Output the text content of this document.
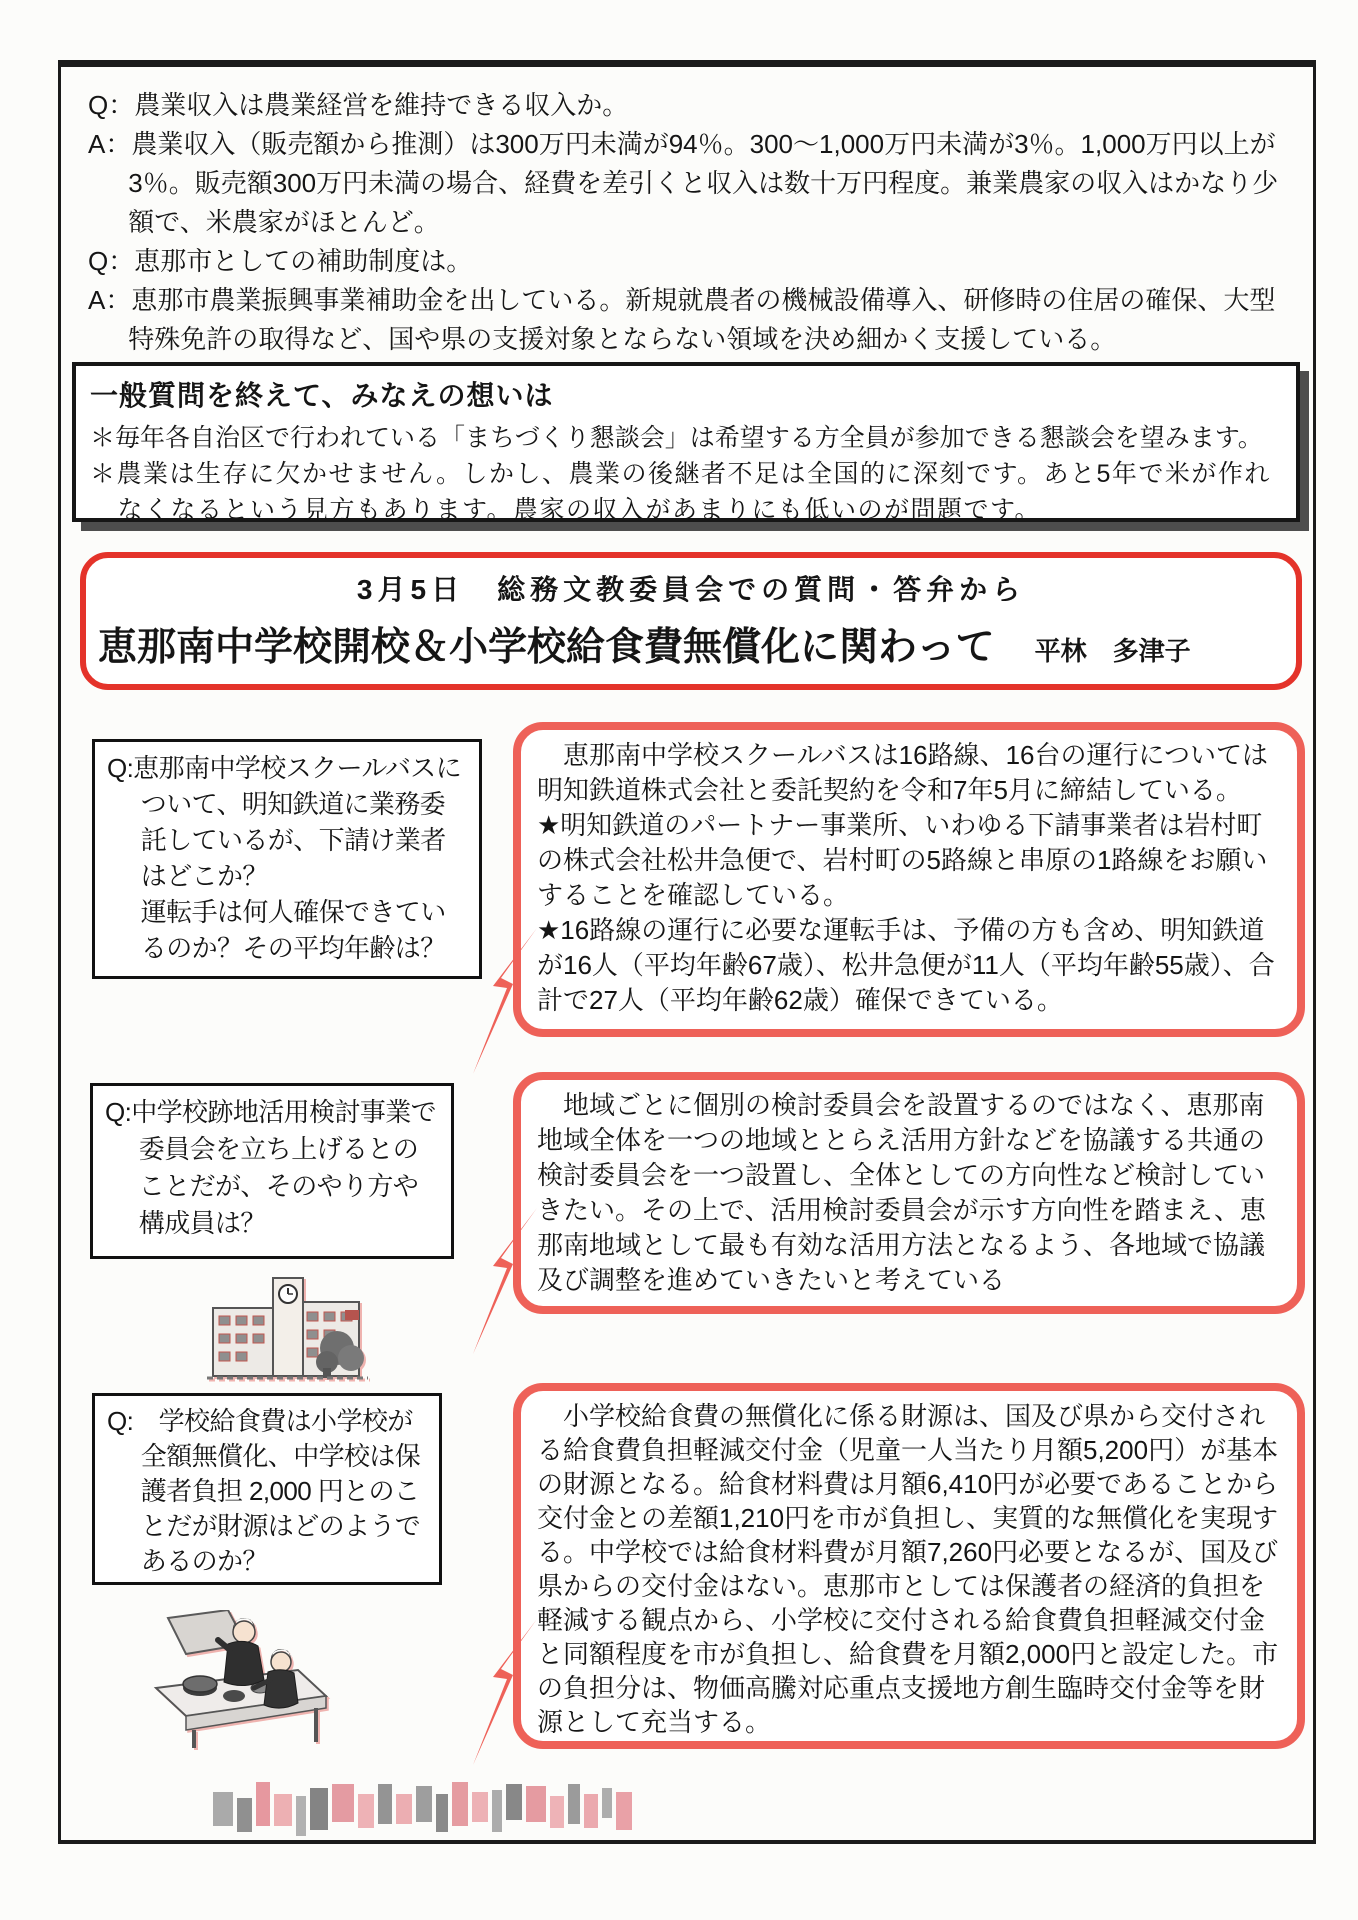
Q：農業収入は農業経営を維持できる収入か。

A：農業収入（販売額から推測）は300万円未満が94％。300～1,000万円未満が3％。1,000万円以上が3％。販売額300万円未満の場合、経費を差引くと収入は数十万円程度。兼業農家の収入はかなり少額で、米農家がほとんど。

Q：恵那市としての補助制度は。

A：恵那市農業振興事業補助金を出している。新規就農者の機械設備導入、研修時の住居の確保、大型特殊免許の取得など、国や県の支援対象とならない領域を決め細かく支援している。

一般質問を終えて、みなえの想いは

＊毎年各自治区で行われている「まちづくり懇談会」は希望する方全員が参加できる懇談会を望みます。

＊農業は生存に欠かせません。しかし、農業の後継者不足は全国的に深刻です。あと5年で米が作れなくなるという見方もあります。農家の収入があまりにも低いのが問題です。

3月5日　総務文教委員会での質問・答弁から

恵那南中学校開校＆小学校給食費無償化に関わって 平林　多津子

Q:恵那南中学校スクールバスについて、明知鉄道に業務委託しているが、下請け業者はどこか？

運転手は何人確保できているのか？その平均年齢は？

恵那南中学校スクールバスは16路線、16台の運行については明知鉄道株式会社と委託契約を令和7年5月に締結している。

★明知鉄道のパートナー事業所、いわゆる下請事業者は岩村町の株式会社松井急便で、岩村町の5路線と串原の1路線をお願いすることを確認している。

★16路線の運行に必要な運転手は、予備の方も含め、明知鉄道が16人（平均年齢67歳）、松井急便が11人（平均年齢55歳）、合計で27人（平均年齢62歳）確保できている。

Q:中学校跡地活用検討事業で委員会を立ち上げるとのことだが、そのやり方や構成員は？

地域ごとに個別の検討委員会を設置するのではなく、恵那南地域全体を一つの地域ととらえ活用方針などを協議する共通の検討委員会を一つ設置し、全体としての方向性など検討していきたい。その上で、活用検討委員会が示す方向性を踏まえ、恵那南地域として最も有効な活用方法となるよう、各地域で協議及び調整を進めていきたいと考えている

Q:　学校給食費は小学校が全額無償化、中学校は保護者負担 2,000 円とのことだが財源はどのようであるのか？

小学校給食費の無償化に係る財源は、国及び県から交付される給食費負担軽減交付金（児童一人当たり月額5,200円）が基本の財源となる。給食材料費は月額6,410円が必要であることから交付金との差額1,210円を市が負担し、実質的な無償化を実現する。中学校では給食材料費が月額7,260円必要となるが、国及び県からの交付金はない。恵那市としては保護者の経済的負担を軽減する観点から、小学校に交付される給食費負担軽減交付金と同額程度を市が負担し、給食費を月額2,000円と設定した。市の負担分は、物価高騰対応重点支援地方創生臨時交付金等を財源として充当する。
